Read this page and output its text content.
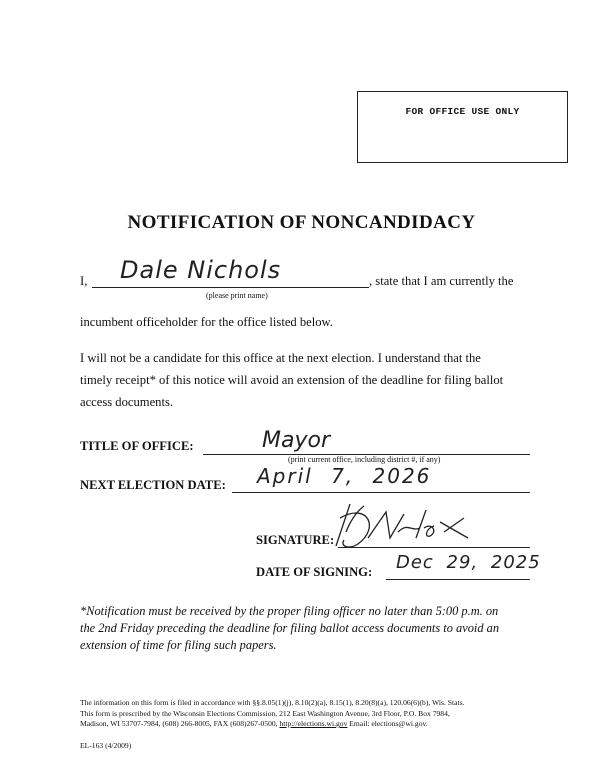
FOR OFFICE USE ONLY
NOTIFICATION OF NONCANDIDACY
I, Dale Nichols	, state that I am currently the
(please print name)
incumbent officeholder for the office listed below.
I will not be a candidate for this office at the next election. I understand that the
timely receipt* of this notice will avoid an extension of the deadline for filing ballot
access documents.
TITLE OF OFFICE:	Mayor
(print current office, including district #, if any)
NEXT ELECTION DATE: April 7, 2026
SIGNATURE:
DATE OF SIGNING: Dec 29, 2025
*Notification must be received by the proper filing officer no later than 5:00 p.m. on
the 2nd Friday preceding the deadline for filing ballot access documents to avoid an
extension of time for filing such papers.
The information on this form is filed in accordance with §§.8.05(1)(j), 8.10(2)(a), 8.15(1), 8.20(8)(a), 120.06(6)(b), Wis. Stats.
This form is prescribed by the Wisconsin Elections Commission, 212 East Washington Avenue, 3rd Floor, P.O. Box 7984,
Madison, WI 53707-7984, (608) 266-8005, FAX (608)267-0500, http://elections.wi.gov Email: elections@wi.gov.
EL-163 (4/2009)
